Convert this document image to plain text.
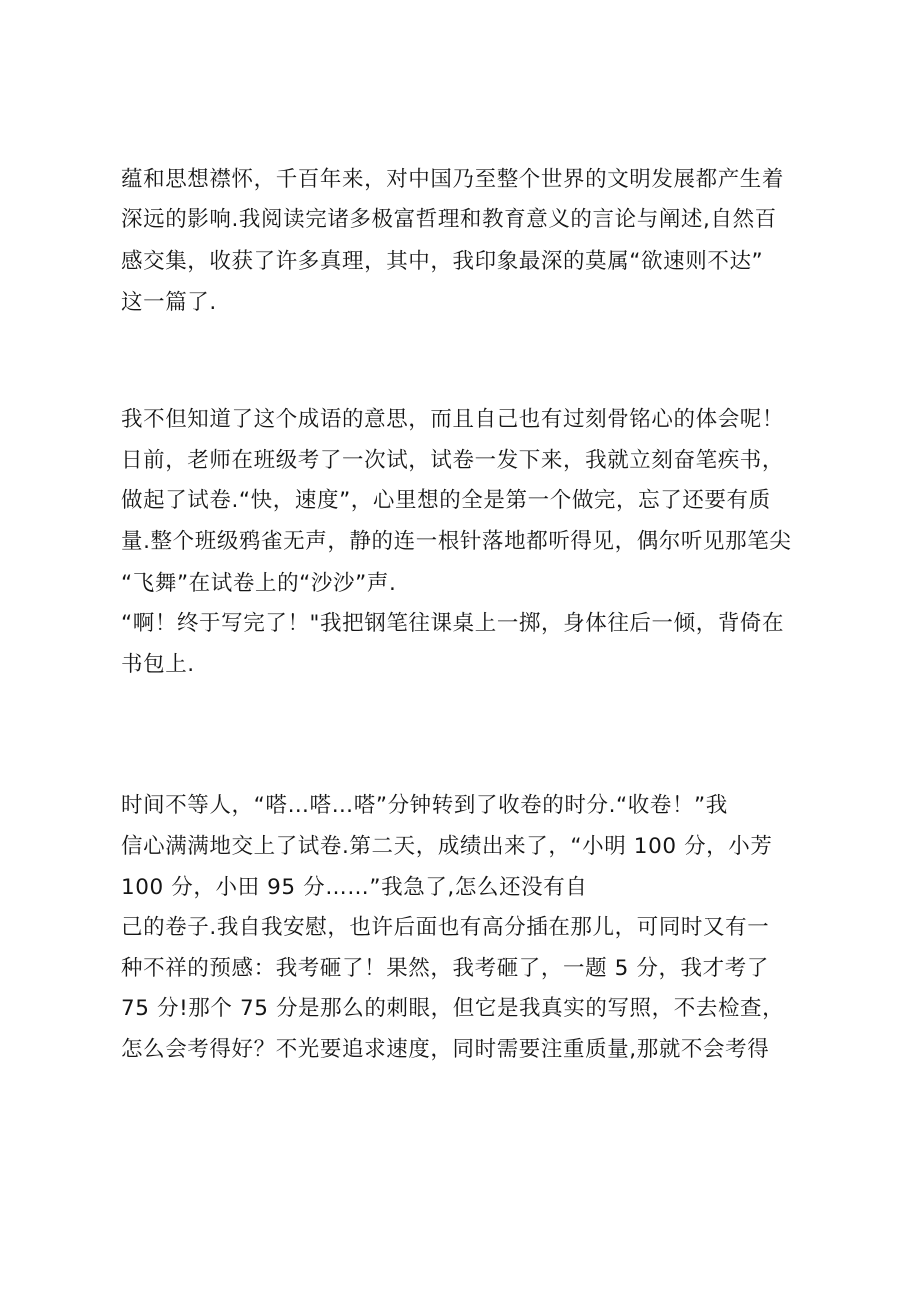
蕴和思想襟怀，千百年来，对中国乃至整个世界的文明发展都产生着
深远的影响.我阅读完诸多极富哲理和教育意义的言论与阐述,自然百
感交集，收获了许多真理，其中，我印象最深的莫属“欲速则不达”
这一篇了.
我不但知道了这个成语的意思，而且自己也有过刻骨铭心的体会呢！
日前，老师在班级考了一次试，试卷一发下来，我就立刻奋笔疾书，
做起了试卷.“快，速度”，心里想的全是第一个做完，忘了还要有质
量.整个班级鸦雀无声，静的连一根针落地都听得见，偶尔听见那笔尖
“飞舞”在试卷上的“沙沙”声.
“啊！终于写完了！"我把钢笔往课桌上一掷，身体往后一倾，背倚在
书包上.
时间不等人，“嗒…嗒…嗒”分钟转到了收卷的时分.“收卷！”我
信心满满地交上了试卷.第二天，成绩出来了，“小明 100 分，小芳
100 分，小田 95 分……”我急了,怎么还没有自
己的卷子.我自我安慰，也许后面也有高分插在那儿，可同时又有一
种不祥的预感：我考砸了！果然，我考砸了，一题 5 分，我才考了
75 分!那个 75 分是那么的刺眼，但它是我真实的写照，不去检查，
怎么会考得好？不光要追求速度，同时需要注重质量,那就不会考得
